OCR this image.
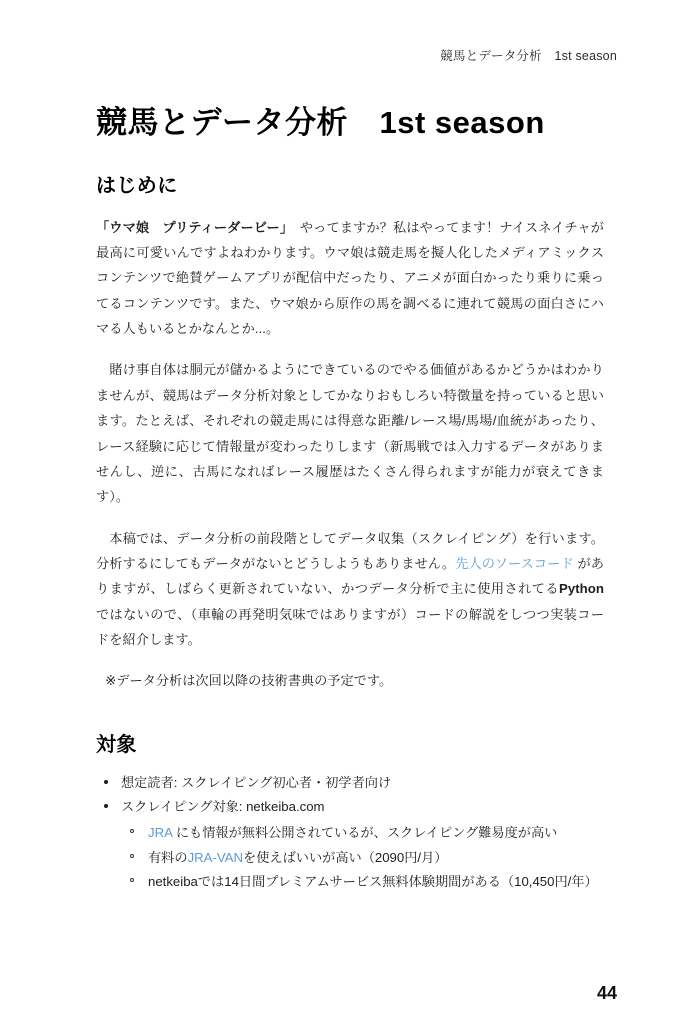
競馬とデータ分析　1st season
競馬とデータ分析　1st season
はじめに

「ウマ娘　プリティーダービー」　やってますか？私はやってます！ナイスネイチャが最高に可愛いんですよねわかります。ウマ娘は競走馬を擬人化したメディアミックスコンテンツで絶賛ゲームアプリが配信中だったり、アニメが面白かったり乗りに乗ってるコンテンツです。また、ウマ娘から原作の馬を調べるに連れて競馬の面白さにハマる人もいるとかなんとか...。

賭け事自体は胴元が儲かるようにできているのでやる価値があるかどうかはわかりませんが、競馬はデータ分析対象としてかなりおもしろい特徴量を持っていると思います。たとえば、それぞれの競走馬には得意な距離/レース場/馬場/血統があったり、レース経験に応じて情報量が変わったりします（新馬戦では入力するデータがありませんし、逆に、古馬になればレース履歴はたくさん得られますが能力が衰えてきます）。

本稿では、データ分析の前段階としてデータ収集（スクレイピング）を行います。分析するにしてもデータがないとどうしようもありません。先人のソースコード がありますが、しばらく更新されていない、かつデータ分析で主に使用されてるPythonではないので、（車輪の再発明気味ではありますが）コードの解説をしつつ実装コードを紹介します。

※データ分析は次回以降の技術書典の予定です。

対象
想定読者: スクレイピング初心者・初学者向け
スクレイピング対象: netkeiba.com
JRA にも情報が無料公開されているが、スクレイピング難易度が高い
有料のJRA-VANを使えばいいが高い（2090円/月）
netkeibaでは14日間プレミアムサービス無料体験期間がある（10,450円/年）
44
